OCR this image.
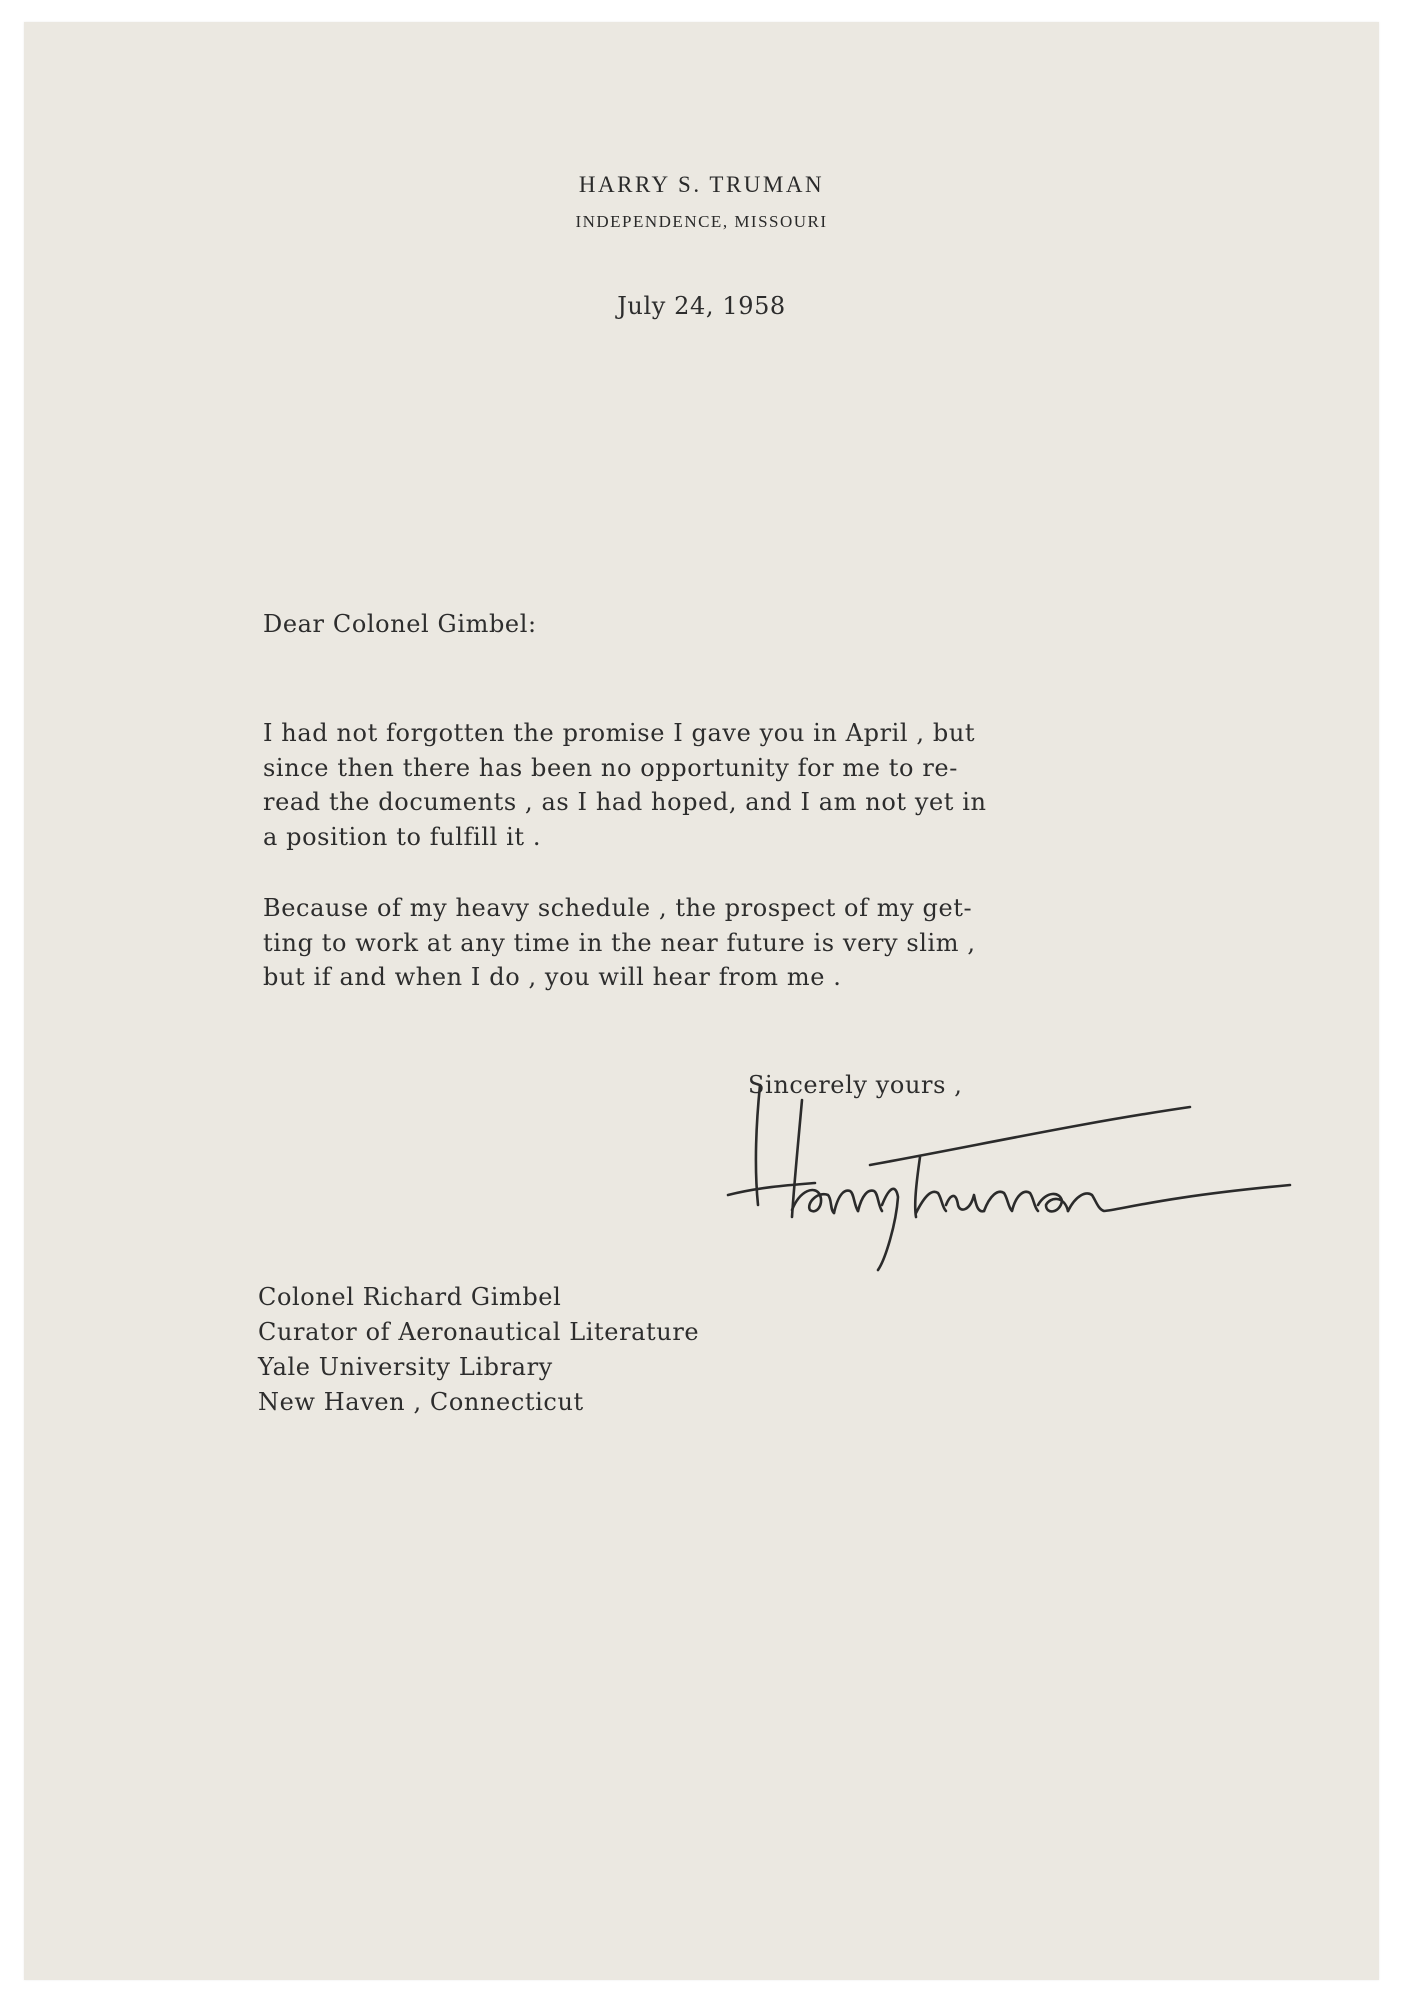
HARRY S. TRUMAN
INDEPENDENCE, MISSOURI
July 24, 1958
Dear Colonel Gimbel:
I had not forgotten the promise I gave you in April , but
since then there has been no opportunity for me to re-
read the documents , as I had hoped, and I am not yet in
a position to fulfill it .
Because of my heavy schedule , the prospect of my get-
ting to work at any time in the near future is very slim ,
but if and when I do , you will hear from me .
Sincerely yours ,
Colonel Richard Gimbel
Curator of Aeronautical Literature
Yale University Library
New Haven , Connecticut
